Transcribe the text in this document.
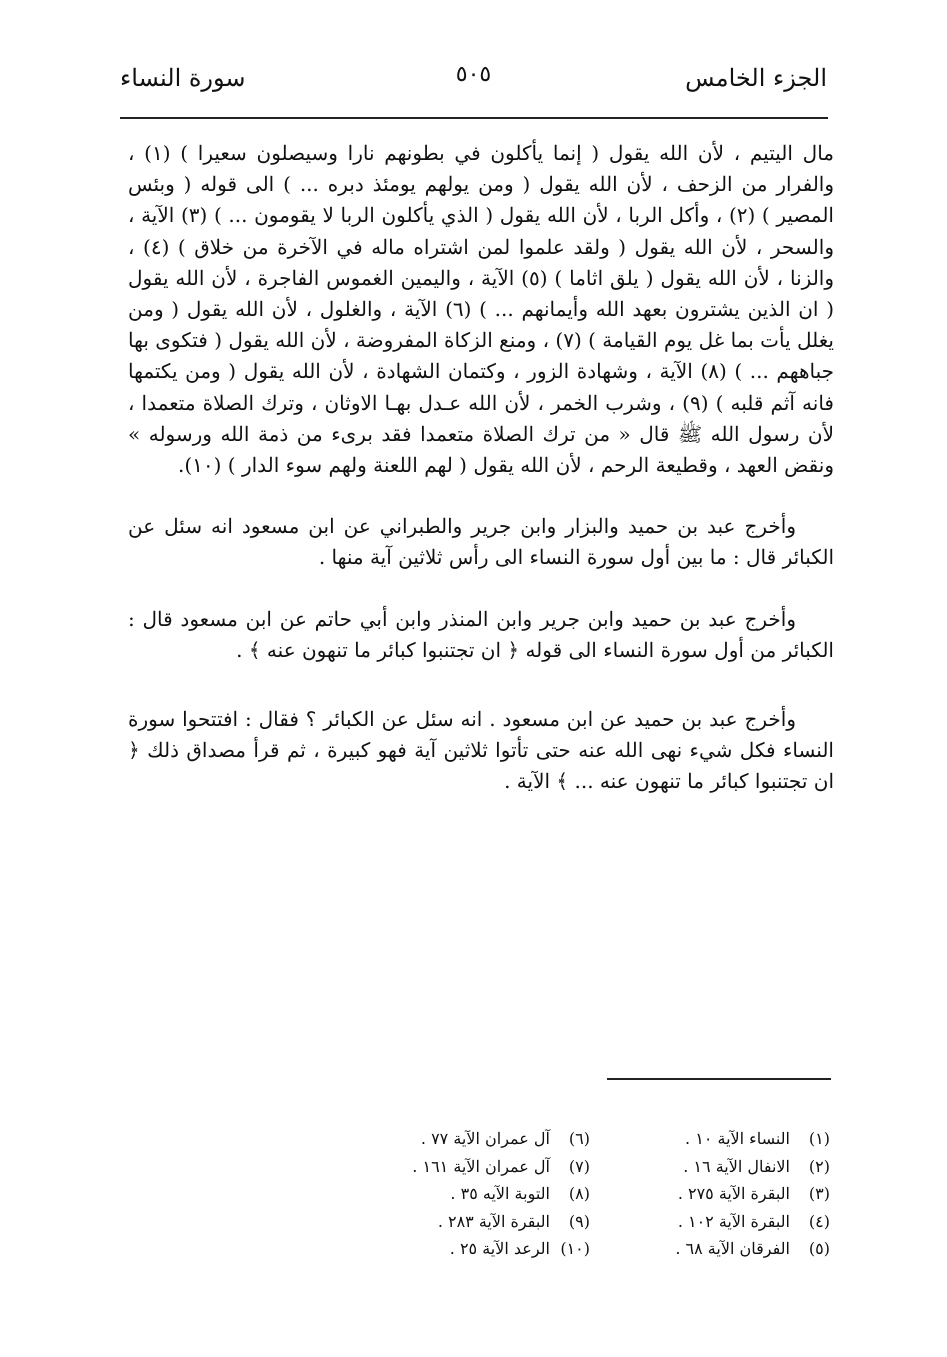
الجزء الخامس
٥٠٥
سورة النساء

مال اليتيم ، لأن الله يقول ( إنما يأكلون في بطونهم نارا وسيصلون سعيرا ) (١) ، والفرار من الزحف ، لأن الله يقول ( ومن يولهم يومئذ دبره ... ) الى قوله ( وبئس المصير ) (٢) ، وأكل الربا ، لأن الله يقول ( الذي يأكلون الربا لا يقومون ... ) (٣) الآية ، والسحر ، لأن الله يقول ( ولقد علموا لمن اشتراه ماله في الآخرة من خلاق ) (٤) ، والزنا ، لأن الله يقول ( يلق اثاما ) (٥) الآية ، واليمين الغموس الفاجرة ، لأن الله يقول ( ان الذين يشترون بعهد الله وأيمانهم ... ) (٦) الآية ، والغلول ، لأن الله يقول ( ومن يغلل يأت بما غل يوم القيامة ) (٧) ، ومنع الزكاة المفروضة ، لأن الله يقول ( فتكوى بها جباههم ... ) (٨) الآية ، وشهادة الزور ، وكتمان الشهادة ، لأن الله يقول ( ومن يكتمها فانه آثم قلبه ) (٩) ، وشرب الخمر ، لأن الله عـدل بهـا الاوثان ، وترك الصلاة متعمدا ، لأن رسول الله ﷺ قال « من ترك الصلاة متعمدا فقد برىء من ذمة الله ورسوله » ونقض العهد ، وقطيعة الرحم ، لأن الله يقول ( لهم اللعنة ولهم سوء الدار ) (١٠).

وأخرج عبد بن حميد والبزار وابن جرير والطبراني عن ابن مسعود انه سئل عن الكبائر قال : ما بين أول سورة النساء الى رأس ثلاثين آية منها .

وأخرج عبد بن حميد وابن جرير وابن المنذر وابن أبي حاتم عن ابن مسعود قال : الكبائر من أول سورة النساء الى قوله ﴿ ان تجتنبوا كبائر ما تنهون عنه ﴾ .

وأخرج عبد بن حميد عن ابن مسعود . انه سئل عن الكبائر ؟ فقال : افتتحوا سورة النساء فكل شيء نهى الله عنه حتى تأتوا ثلاثين آية فهو كبيرة ، ثم قرأ مصداق ذلك ﴿ ان تجتنبوا كبائر ما تنهون عنه ... ﴾ الآية .

(١)النساء الآية ١٠ .
(٢)الانفال الآية ١٦ .
(٣)البقرة الآية ٢٧٥ .
(٤)البقرة الآية ١٠٢ .
(٥)الفرقان الآية ٦٨ .
(٦)آل عمران الآية ٧٧ .
(٧)آل عمران الآية ١٦١ .
(٨)التوبة الآيه ٣٥ .
(٩)البقرة الآية ٢٨٣ .
(١٠)الرعد الآية ٢٥ .
